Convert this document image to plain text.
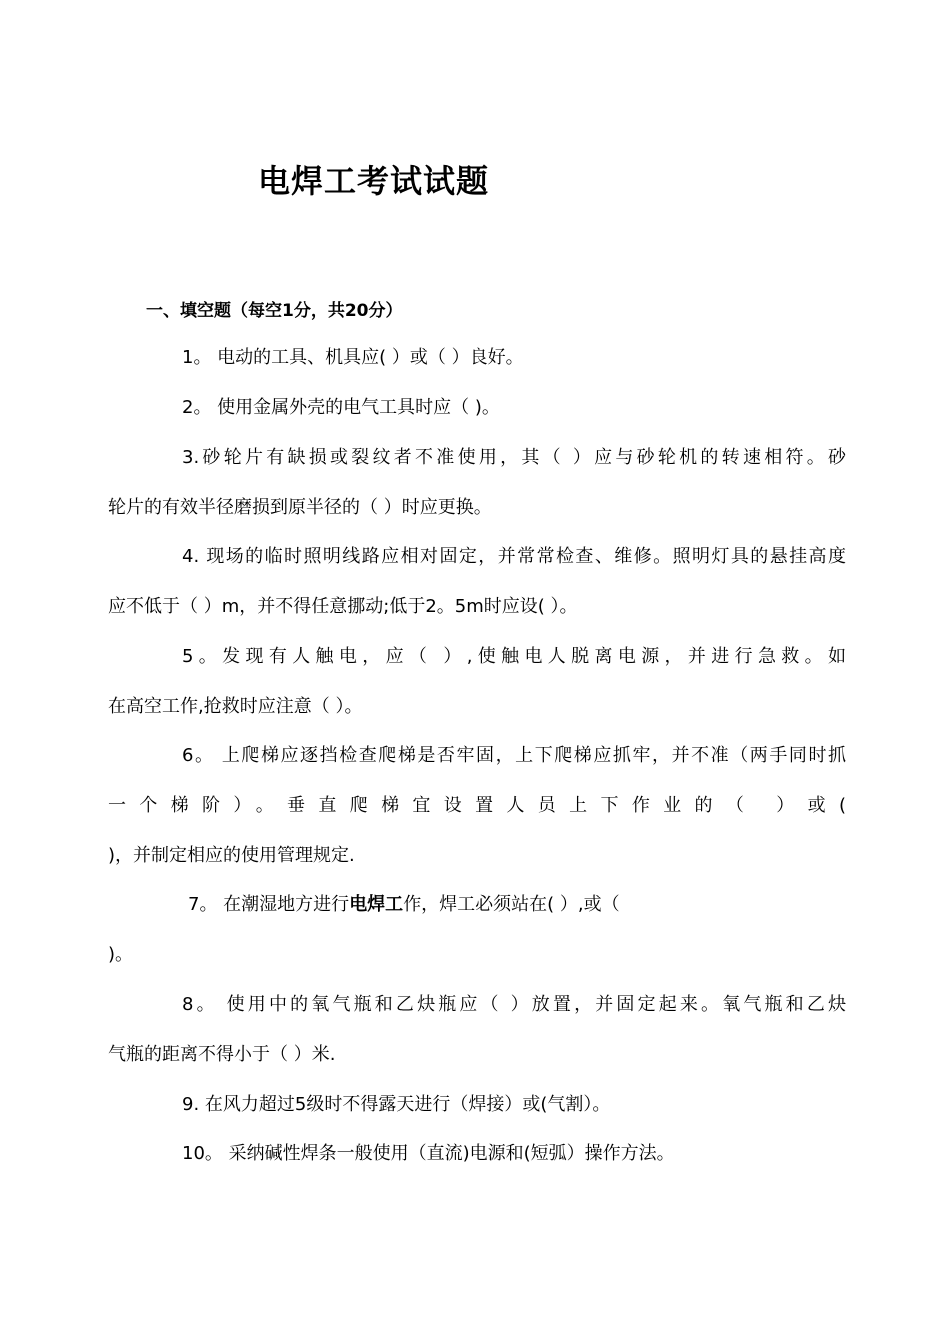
电焊工考试试题
一、填空题（每空1分，共20分）
1。 电动的工具、机具应( ）或（ ）良好。
2。 使用金属外壳的电气工具时应（ )。
3.砂轮片有缺损或裂纹者不准使用，其（ ）应与砂轮机的转速相符。砂
轮片的有效半径磨损到原半径的（ ）时应更换。
4. 现场的临时照明线路应相对固定，并常常检查、维修。照明灯具的悬挂高度
应不低于（ ）m，并不得任意挪动;低于2。5m时应设( ）。
5。发现有人触电，应（ ）,使触电人脱离电源，并进行急救。如
在高空工作,抢救时应注意（ ）。
6。 上爬梯应逐挡检查爬梯是否牢固，上下爬梯应抓牢，并不准（两手同时抓
一个梯阶）。垂直爬梯宜设置人员上下作业的（ ）或(
)，并制定相应的使用管理规定.
7。 在潮湿地方进行电焊工作，焊工必须站在( ）,或（
)。
8。 使用中的氧气瓶和乙炔瓶应（ ）放置，并固定起来。氧气瓶和乙炔
气瓶的距离不得小于（ ）米.
9. 在风力超过5级时不得露天进行（焊接）或(气割）。
10。 采纳碱性焊条一般使用（直流)电源和(短弧）操作方法。
